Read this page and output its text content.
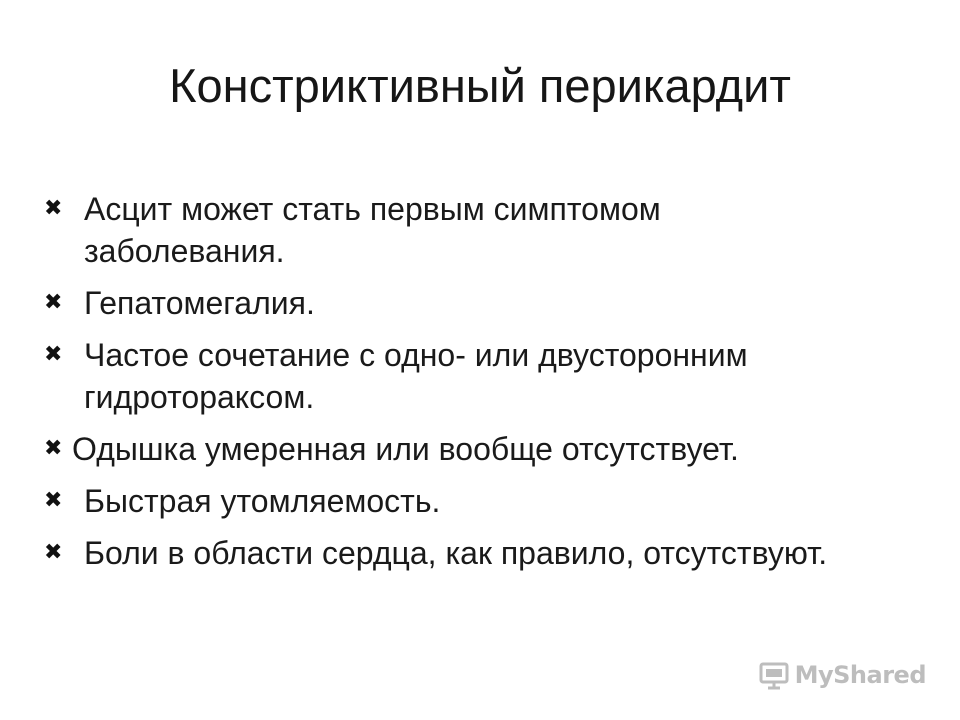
Констриктивный перикардит
✖ Асцит может стать первым симптомом заболевания.
✖ Гепатомегалия.
✖ Частое сочетание с одно- или двусторонним гидротораксом.
✖ Одышка умеренная или вообще отсутствует.
✖ Быстрая утомляемость.
✖ Боли в области сердца, как правило, отсутствуют.
MyShared
